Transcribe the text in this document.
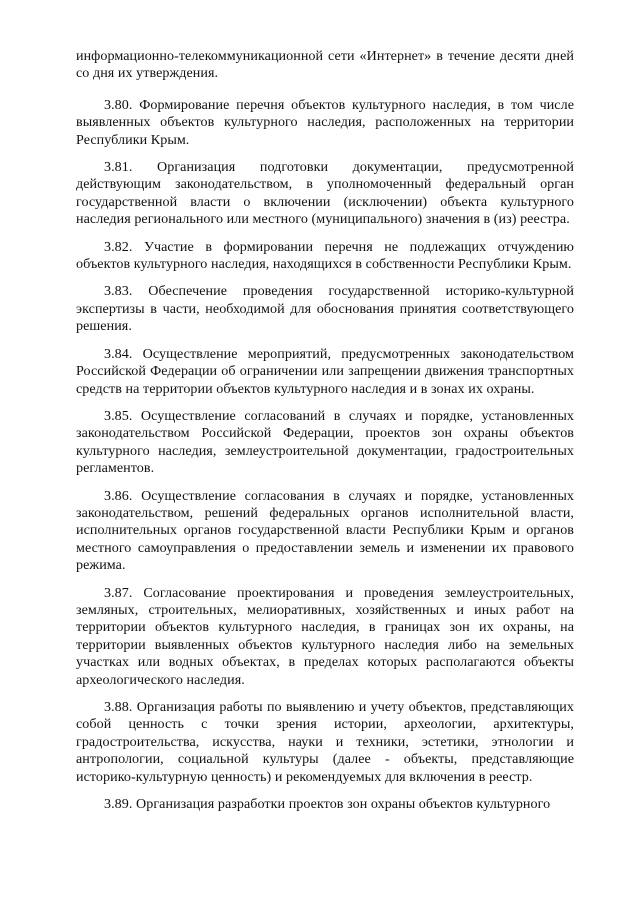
информационно-телекоммуникационной сети «Интернет» в течение десяти дней со дня их утверждения.

3.80. Формирование перечня объектов культурного наследия, в том числе выявленных объектов культурного наследия, расположенных на территории Республики Крым.

3.81. Организация подготовки документации, предусмотренной действующим законодательством, в уполномоченный федеральный орган государственной власти о включении (исключении) объекта культурного наследия регионального или местного (муниципального) значения в (из) реестра.

3.82. Участие в формировании перечня не подлежащих отчуждению объектов культурного наследия, находящихся в собственности Республики Крым.

3.83. Обеспечение проведения государственной историко-культурной экспертизы в части, необходимой для обоснования принятия соответствующего решения.

3.84. Осуществление мероприятий, предусмотренных законодательством Российской Федерации об ограничении или запрещении движения транспортных средств на территории объектов культурного наследия и в зонах их охраны.

3.85. Осуществление согласований в случаях и порядке, установленных законодательством Российской Федерации, проектов зон охраны объектов культурного наследия, землеустроительной документации, градостроительных регламентов.

3.86. Осуществление согласования в случаях и порядке, установленных законодательством, решений федеральных органов исполнительной власти, исполнительных органов государственной власти Республики Крым и органов местного самоуправления о предоставлении земель и изменении их правового режима.

3.87. Согласование проектирования и проведения землеустроительных, земляных, строительных, мелиоративных, хозяйственных и иных работ на территории объектов культурного наследия, в границах зон их охраны, на территории выявленных объектов культурного наследия либо на земельных участках или водных объектах, в пределах которых располагаются объекты археологического наследия.

3.88. Организация работы по выявлению и учету объектов, представляющих собой ценность с точки зрения истории, археологии, архитектуры, градостроительства, искусства, науки и техники, эстетики, этнологии и антропологии, социальной культуры (далее - объекты, представляющие историко-культурную ценность) и рекомендуемых для включения в реестр.

3.89. Организация разработки проектов зон охраны объектов культурного
